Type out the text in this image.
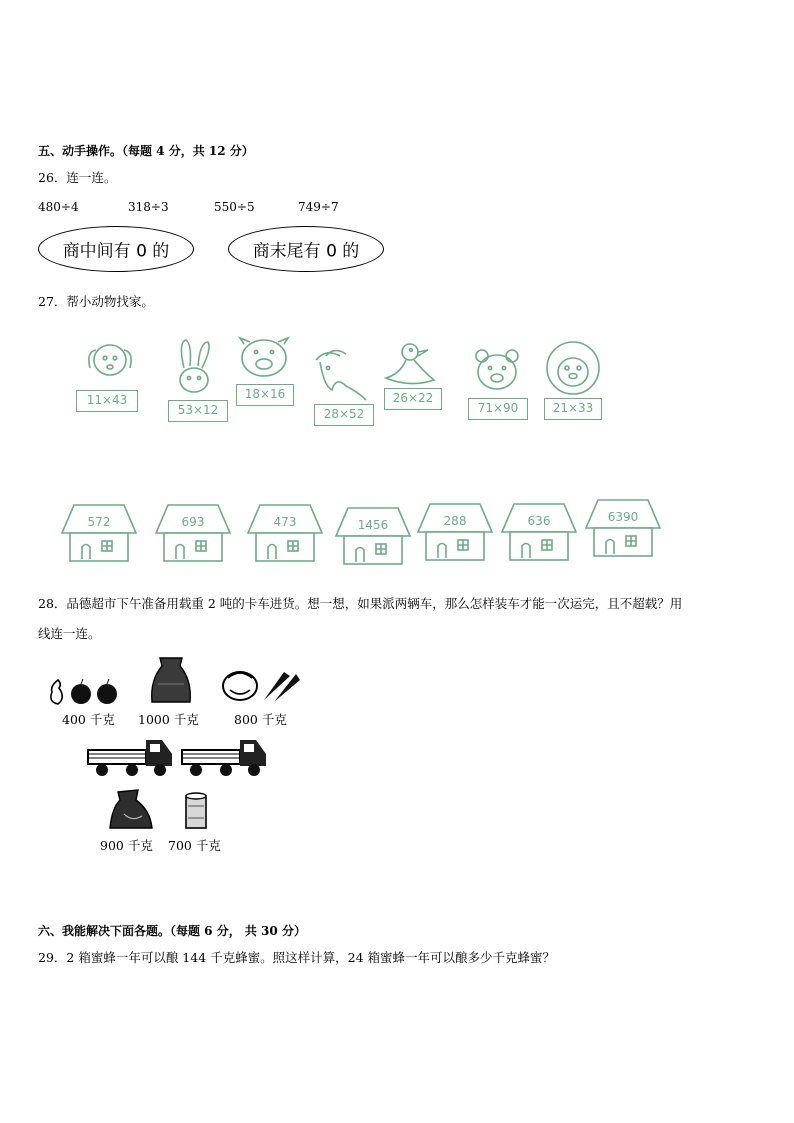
五、动手操作。（每题 4 分，共 12 分）
26．连一连。
480÷4	318÷3	550÷5	749÷7
商中间有 0 的	商末尾有 0 的
27．帮小动物找家。
11×43
53×12
18×16
28×52
26×22
71×90	21×33
572	693	473	1456	288	636	6390
28．品德超市下午准备用载重 2 吨的卡车进货。想一想，如果派两辆车，那么怎样装车才能一次运完，且不超载？用
线连一连。
400 千克 1000 千克	800 千克
900 千克 700 千克
六、我能解决下面各题。（每题 6 分， 共 30 分）
29．2 箱蜜蜂一年可以酿 144 千克蜂蜜。照这样计算，24 箱蜜蜂一年可以酿多少千克蜂蜜？
